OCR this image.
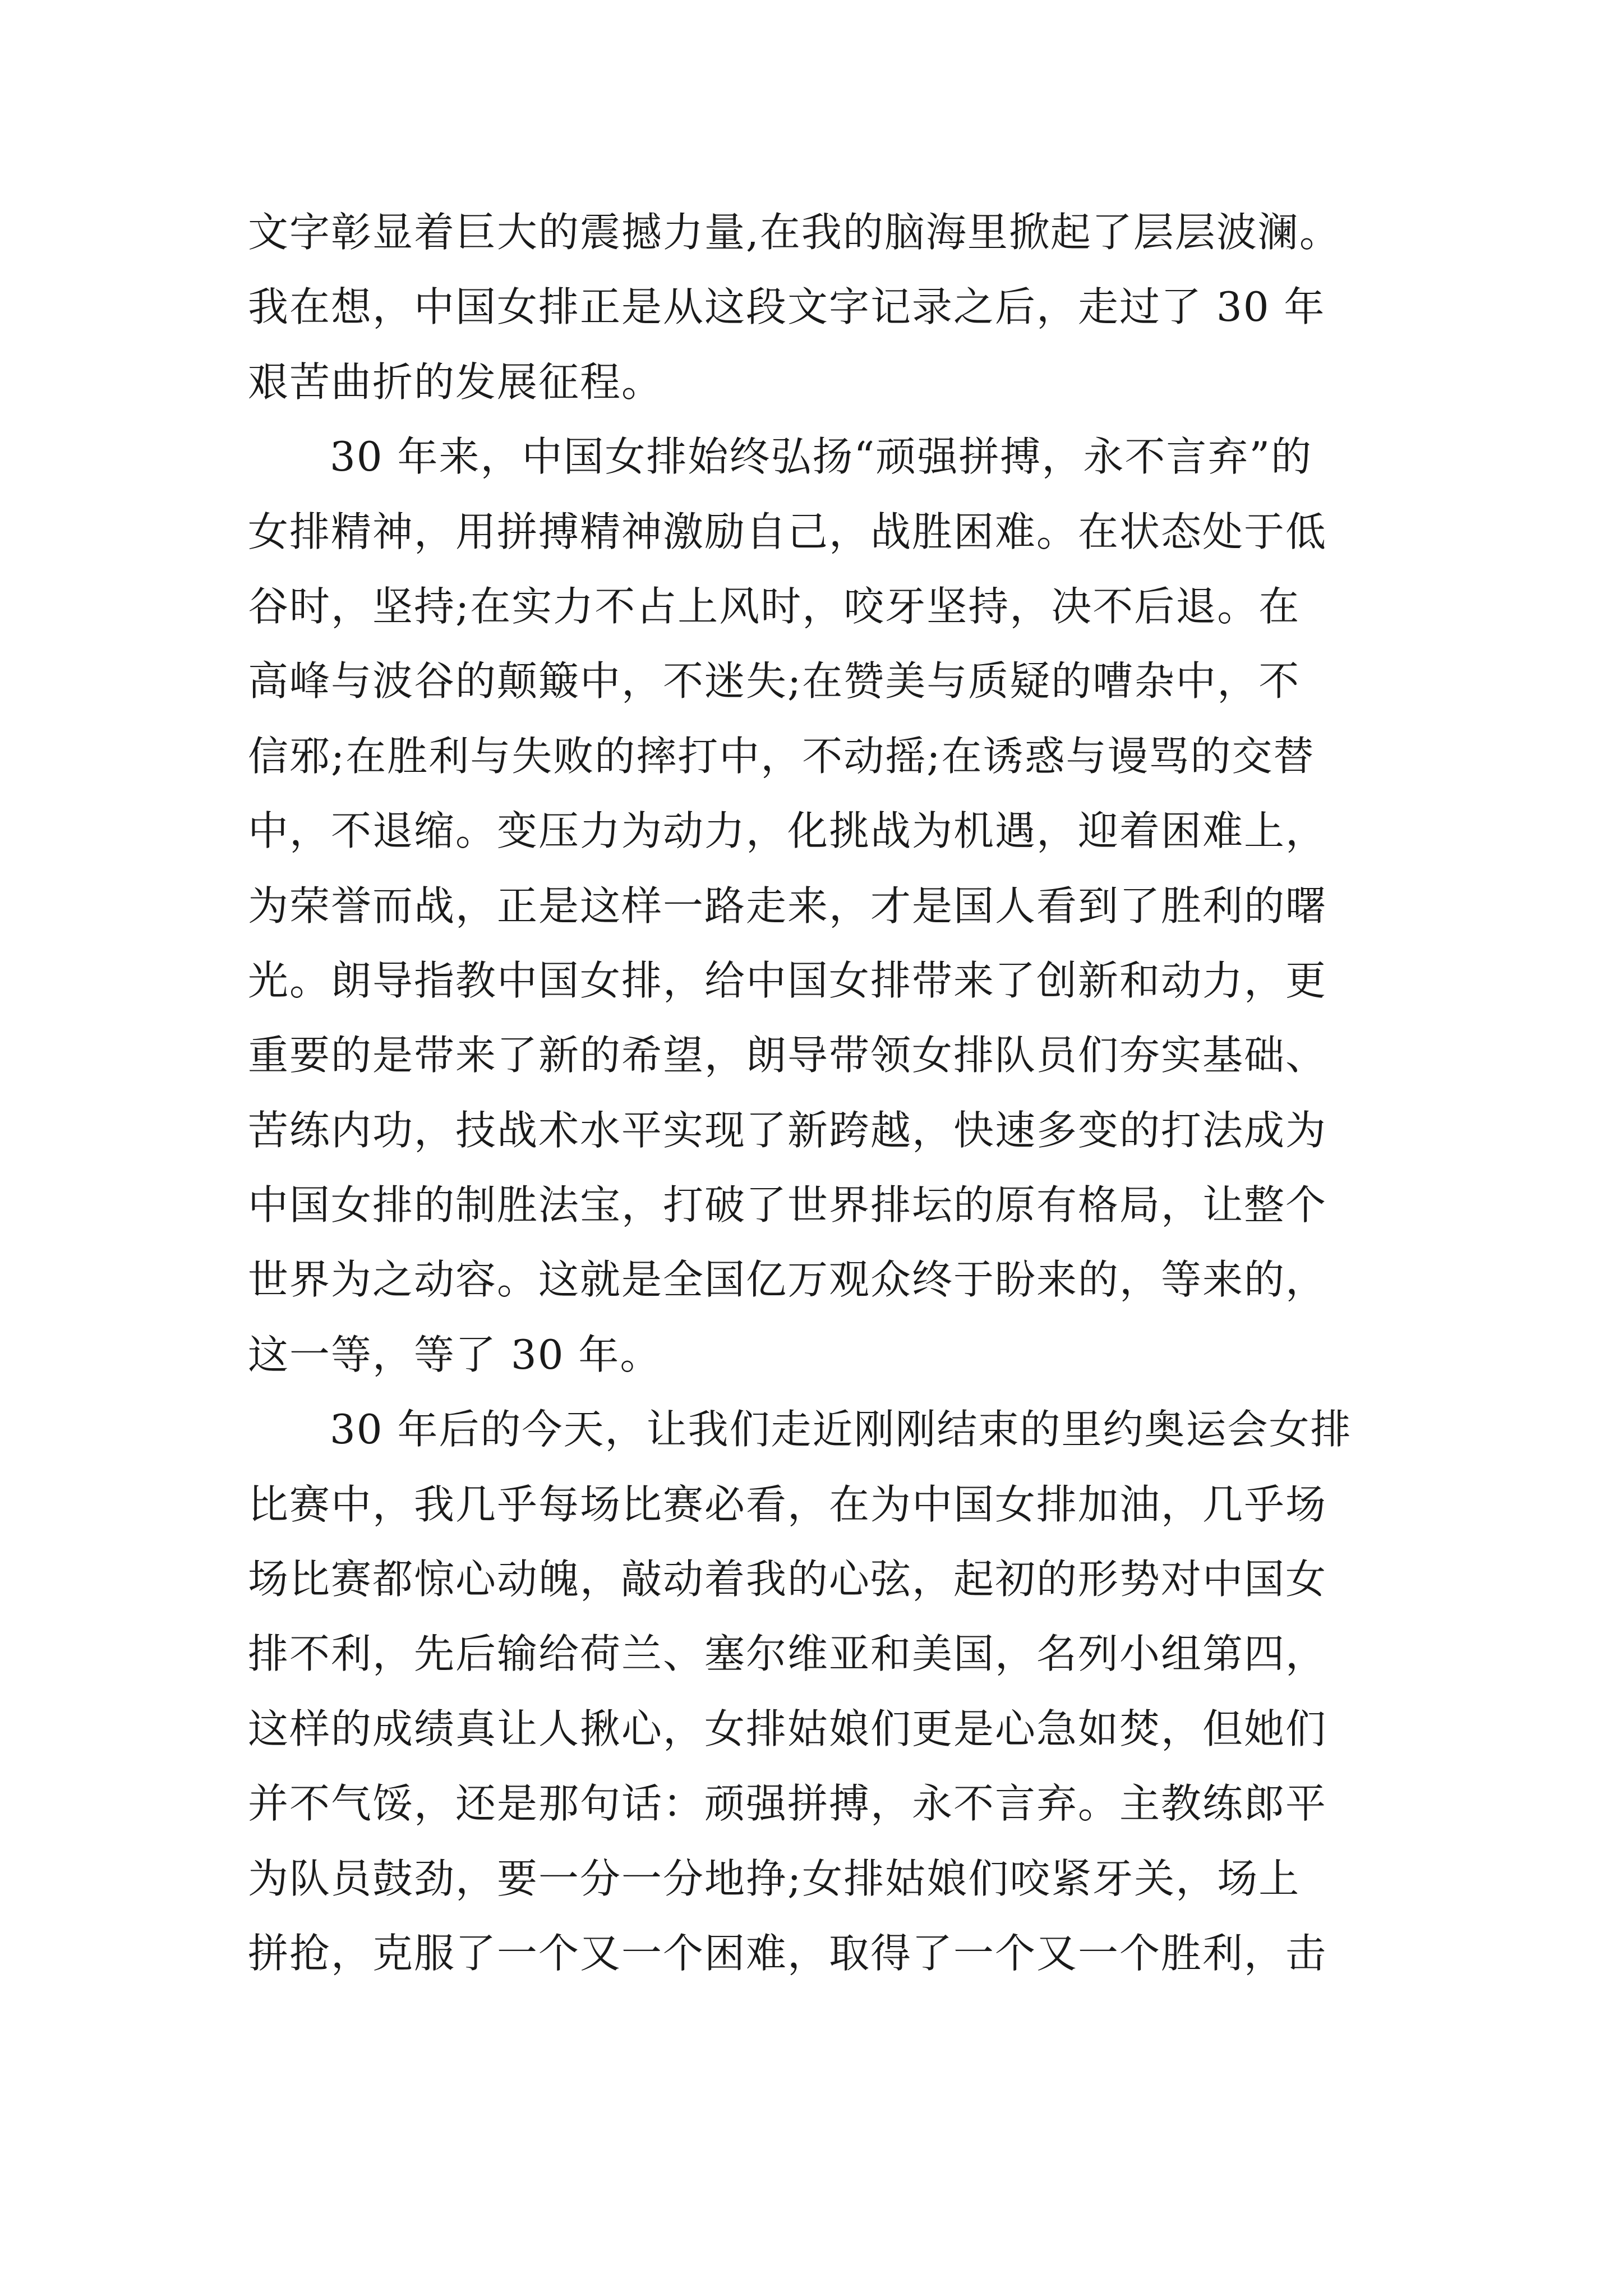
文字彰显着巨大的震撼力量,在我的脑海里掀起了层层波澜。
我在想，中国女排正是从这段文字记录之后，走过了 30 年
艰苦曲折的发展征程。
30 年来，中国女排始终弘扬“顽强拼搏，永不言弃”的
女排精神，用拼搏精神激励自己，战胜困难。在状态处于低
谷时，坚持;在实力不占上风时，咬牙坚持，决不后退。在
高峰与波谷的颠簸中，不迷失;在赞美与质疑的嘈杂中，不
信邪;在胜利与失败的摔打中，不动摇;在诱惑与谩骂的交替
中，不退缩。变压力为动力，化挑战为机遇，迎着困难上，
为荣誉而战，正是这样一路走来，才是国人看到了胜利的曙
光。朗导指教中国女排，给中国女排带来了创新和动力，更
重要的是带来了新的希望，朗导带领女排队员们夯实基础、
苦练内功，技战术水平实现了新跨越，快速多变的打法成为
中国女排的制胜法宝，打破了世界排坛的原有格局，让整个
世界为之动容。这就是全国亿万观众终于盼来的，等来的，
这一等，等了 30 年。
30 年后的今天，让我们走近刚刚结束的里约奥运会女排
比赛中，我几乎每场比赛必看，在为中国女排加油，几乎场
场比赛都惊心动魄，敲动着我的心弦，起初的形势对中国女
排不利，先后输给荷兰、塞尔维亚和美国，名列小组第四，
这样的成绩真让人揪心，女排姑娘们更是心急如焚，但她们
并不气馁，还是那句话：顽强拼搏，永不言弃。主教练郎平
为队员鼓劲，要一分一分地挣;女排姑娘们咬紧牙关，场上
拼抢，克服了一个又一个困难，取得了一个又一个胜利，击
